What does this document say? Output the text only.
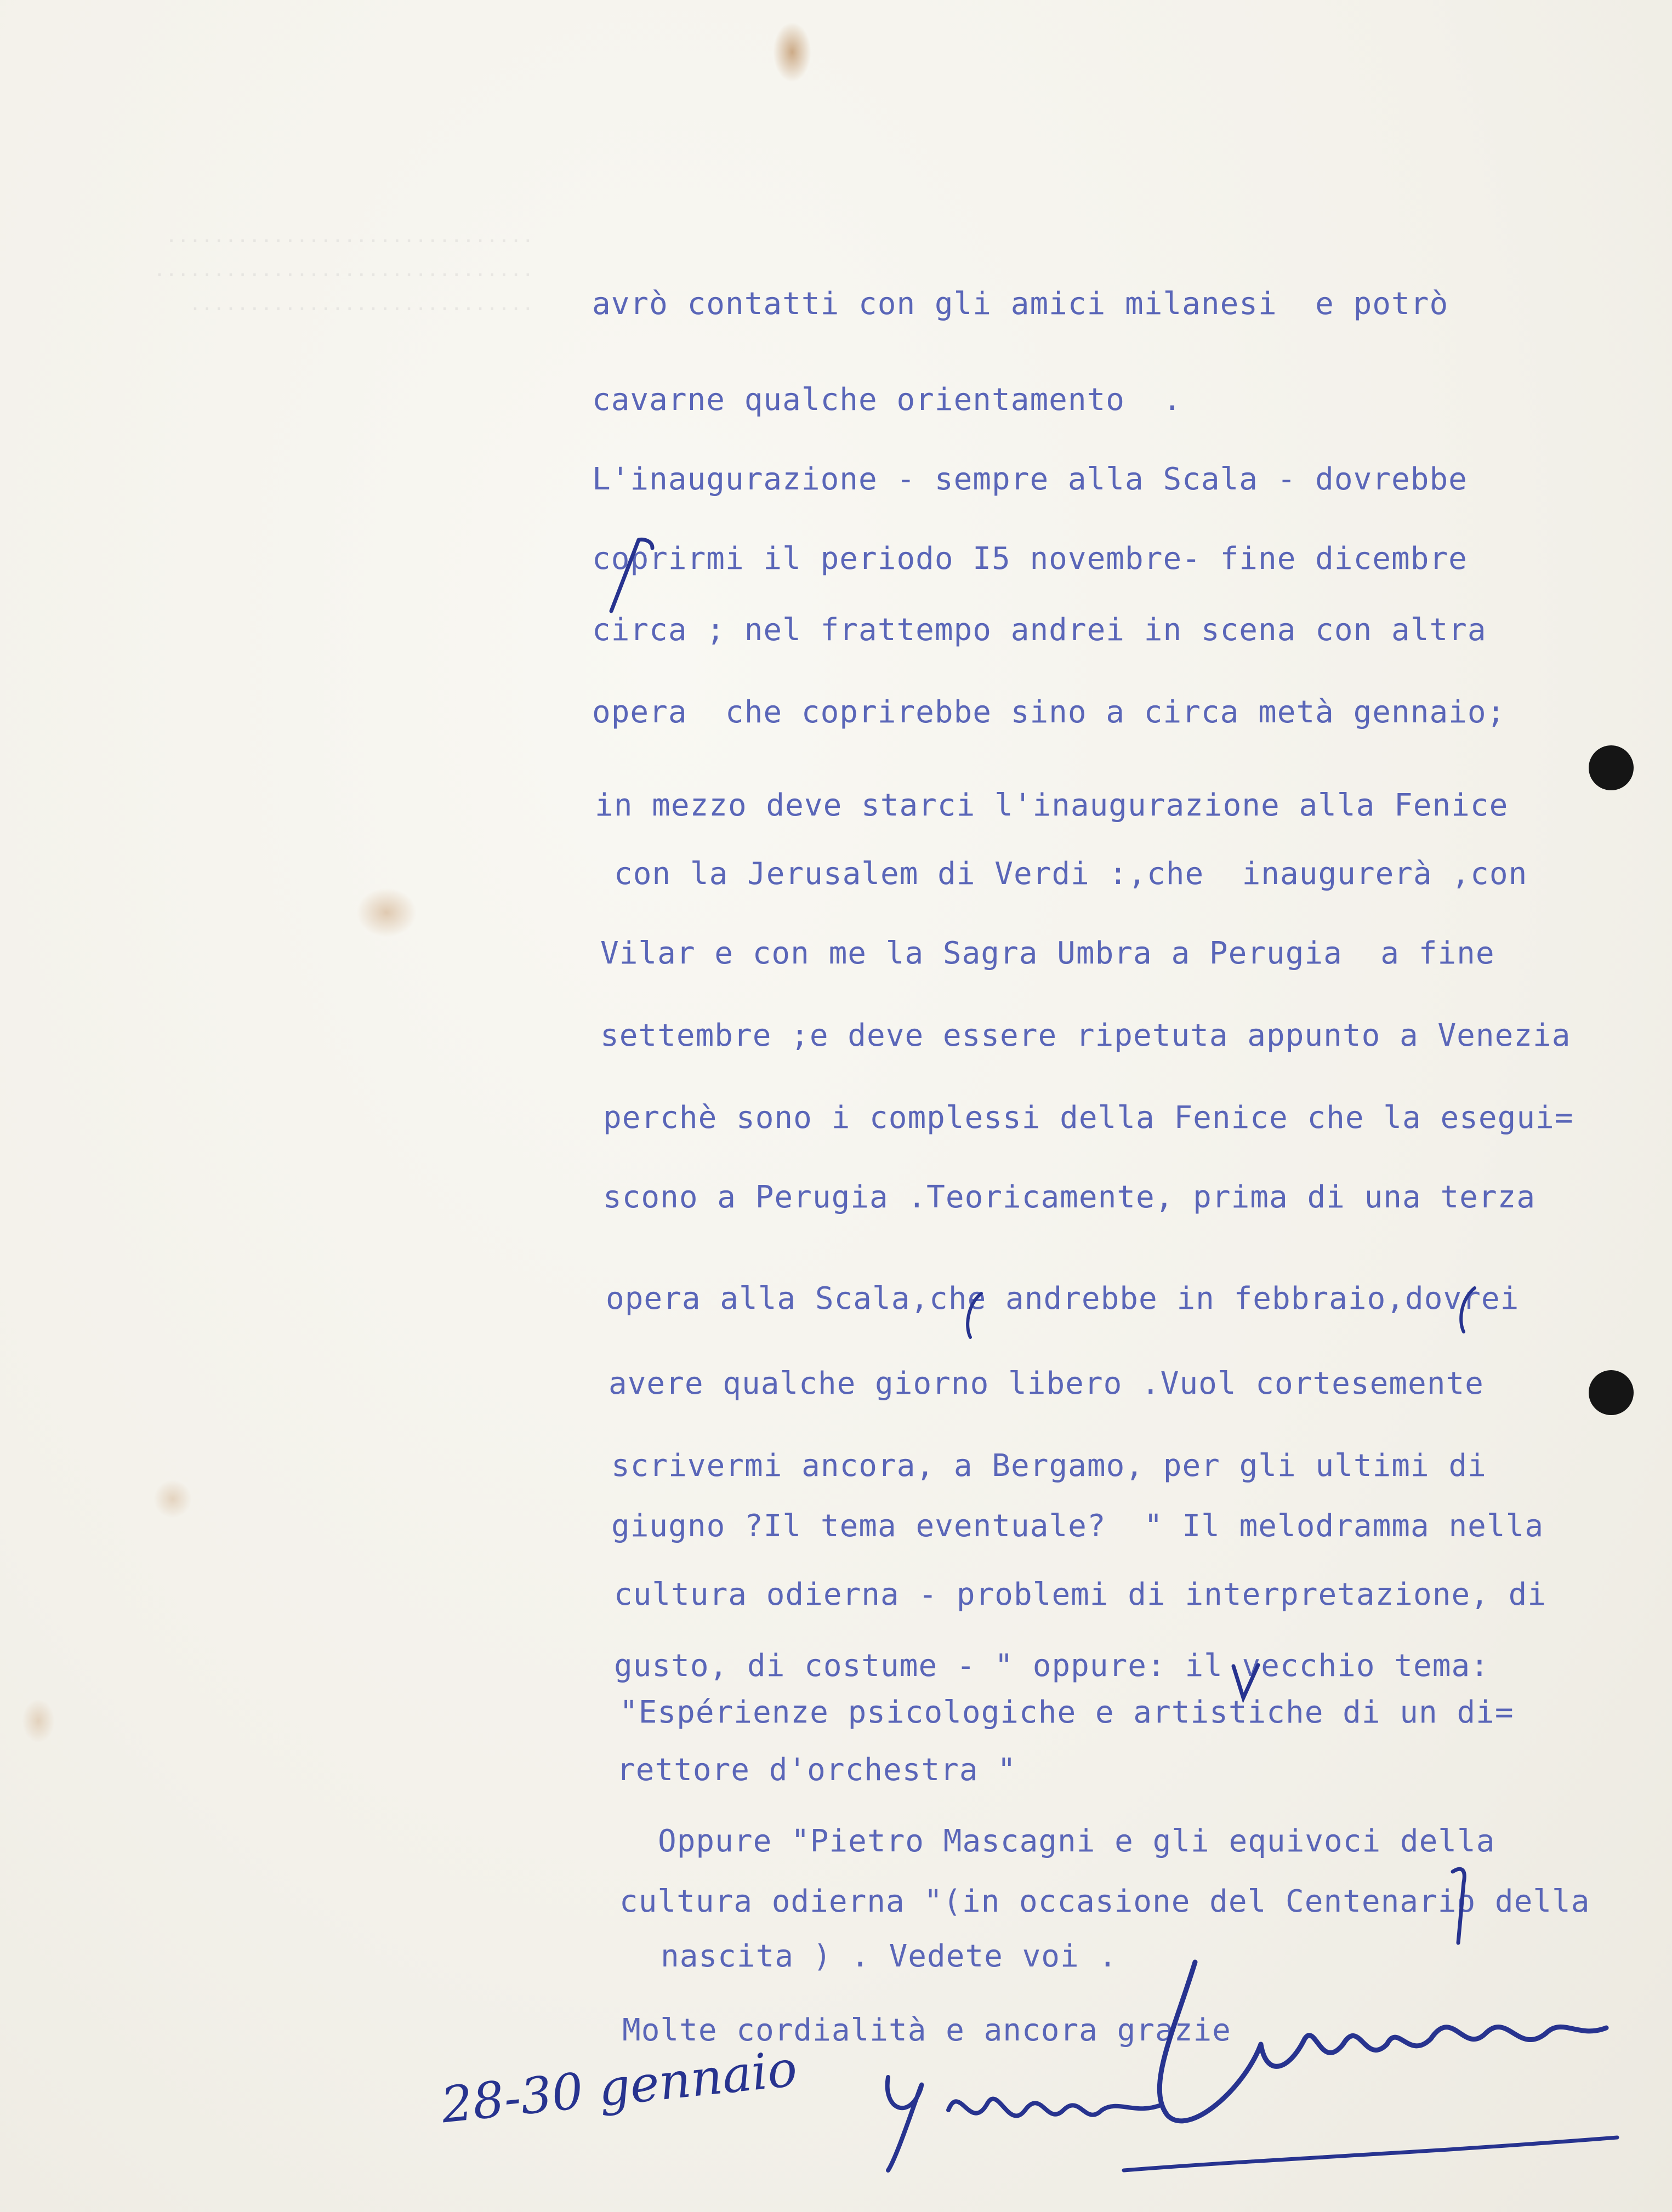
...............................
................................
............................. avrò contatti con gli amici milanesi  e potrò

cavarne qualche orientamento  .

L'inaugurazione - sempre alla Scala - dovrebbe

coprirmi il periodo I5 novembre- fine dicembre

circa ; nel frattempo andrei in scena con altra

opera  che coprirebbe sino a circa metà gennaio;

in mezzo deve starci l'inaugurazione alla Fenice

con la Jerusalem di Verdi :,che  inaugurerà ,con

Vilar e con me la Sagra Umbra a Perugia  a fine

settembre ;e deve essere ripetuta appunto a Venezia

perchè sono i complessi della Fenice che la esegui=

scono a Perugia .Teoricamente, prima di una terza

opera alla Scala,che andrebbe in febbraio,dovrei

avere qualche giorno libero .Vuol cortesemente

scrivermi ancora, a Bergamo, per gli ultimi di

giugno ?Il tema eventuale?  " Il melodramma nella

cultura odierna - problemi di interpretazione, di

gusto, di costume - " oppure: il vecchio tema:

"Espérienze psicologiche e artistiche di un di=

rettore d'orchestra "

Oppure "Pietro Mascagni e gli equivoci della

cultura odierna "(in occasione del Centenario della

nascita ) . Vedete voi .

Molte cordialità e ancora grazie

28-30 gennaio
